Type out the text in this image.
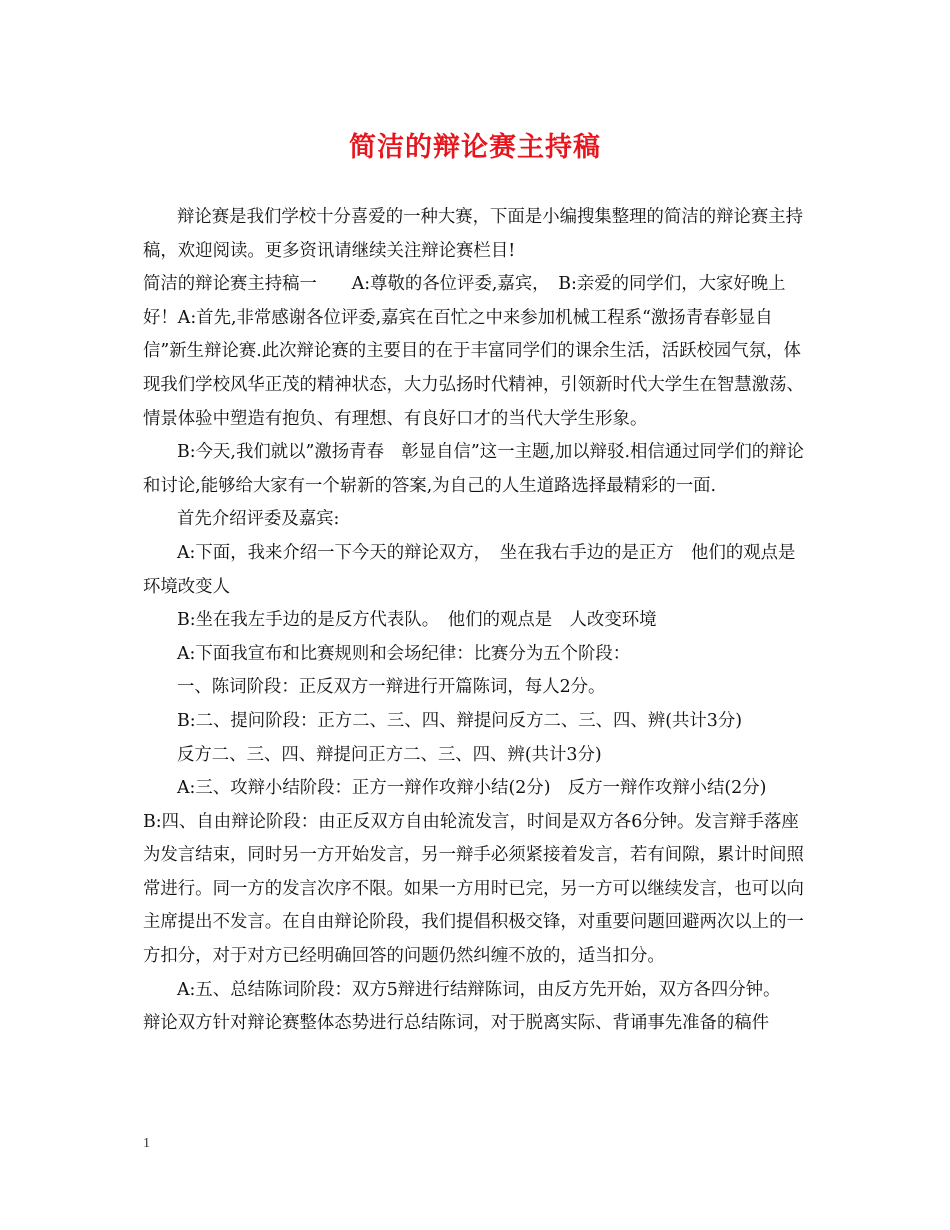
简洁的辩论赛主持稿

辩论赛是我们学校十分喜爱的一种大赛，下面是小编搜集整理的简洁的辩论赛主持稿，欢迎阅读。更多资讯请继续关注辩论赛栏目!

简洁的辩论赛主持稿一　　A:尊敬的各位评委,嘉宾，　B:亲爱的同学们，大家好晚上好！A:首先,非常感谢各位评委,嘉宾在百忙之中来参加机械工程系“激扬青春彰显自信”新生辩论赛.此次辩论赛的主要目的在于丰富同学们的课余生活，活跃校园气氛，体现我们学校风华正茂的精神状态，大力弘扬时代精神，引领新时代大学生在智慧激荡、情景体验中塑造有抱负、有理想、有良好口才的当代大学生形象。

B:今天,我们就以”激扬青春　彰显自信”这一主题,加以辩驳.相信通过同学们的辩论和讨论,能够给大家有一个崭新的答案,为自己的人生道路选择最精彩的一面.

首先介绍评委及嘉宾:

A:下面，我来介绍一下今天的辩论双方，　坐在我右手边的是正方　他们的观点是　环境改变人

B:坐在我左手边的是反方代表队。　他们的观点是　人改变环境

A:下面我宣布和比赛规则和会场纪律：比赛分为五个阶段：

一、陈词阶段：正反双方一辩进行开篇陈词，每人2分。

B:二、提问阶段：正方二、三、四、辩提问反方二、三、四、辨(共计3分)

反方二、三、四、辩提问正方二、三、四、辨(共计3分)

A:三、攻辩小结阶段：正方一辩作攻辩小结(2分)　反方一辩作攻辩小结(2分)

B:四、自由辩论阶段：由正反双方自由轮流发言，时间是双方各6分钟。发言辩手落座为发言结束，同时另一方开始发言，另一辩手必须紧接着发言，若有间隙，累计时间照常进行。同一方的发言次序不限。如果一方用时已完，另一方可以继续发言，也可以向主席提出不发言。在自由辩论阶段，我们提倡积极交锋，对重要问题回避两次以上的一方扣分，对于对方已经明确回答的问题仍然纠缠不放的，适当扣分。

A:五、总结陈词阶段：双方5辩进行结辩陈词，由反方先开始，双方各四分钟。

辩论双方针对辩论赛整体态势进行总结陈词，对于脱离实际、背诵事先准备的稿件

1
